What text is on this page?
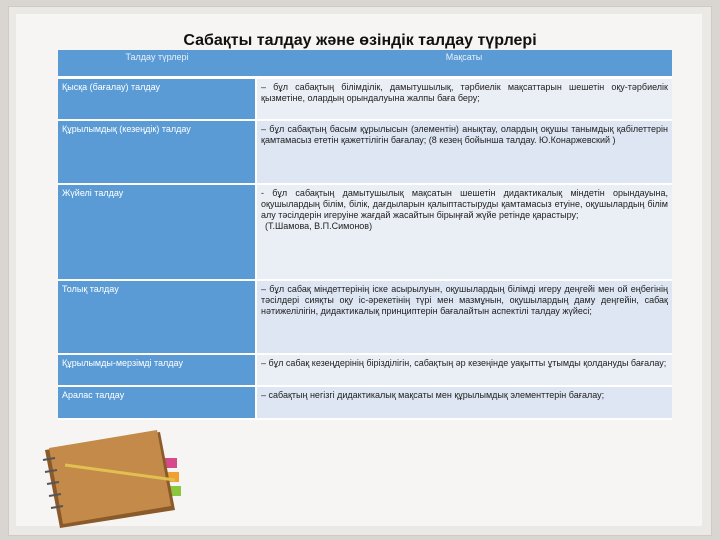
Талдау түрлері	Мақсаты
Қысқа (бағалау) талдау	– бұл сабақтың білімділік, дамытушылық, тәрбиелік мақсаттарын шешетін оқу-тәрбиелік қызметіне, олардың орындалуына жалпы баға беру;
Құрылымдық (кезеңдік) талдау	– бұл сабақтың басым құрылысын (элементін) анықтау, олардың оқушы танымдық қабілеттерін қамтамасыз ететін қажеттілігін бағалау; (8 кезең бойынша талдау. Ю.Конаржевский )
Жүйелі талдау	- бұл сабақтың дамытушылық мақсатын шешетін дидактикалық міндетін орындауына, оқушылардың білім, білік, дағдыларын қалыптастыруды қамтамасыз етуіне, оқушылардың білім алу тәсілдерін игеруіне жағдай жасайтын бірыңғай жүйе ретінде қарастыру;
(Т.Шамова, В.П.Симонов)

Толық талдау	– бұл сабақ міндеттерінің іске асырылуын, оқушылардың білімді игеру деңгейі мен ой еңбегінің тәсілдері сияқты оқу іс-әрекетінің түрі мен мазмұнын, оқушылардың даму деңгейін, сабақ нәтижелілігін, дидактикалық принциптерін бағалайтын аспектілі талдау жүйесі;
Құрылымды-мерзімді талдау	– бұл сабақ кезеңдерінің бірізділігін, сабақтың әр кезеңінде уақытты ұтымды қолдануды бағалау;
Аралас талдау	– сабақтың негізгі дидактикалық мақсаты мен құрылымдық элементтерін бағалау;
Сабақты талдау және өзіндік талдау түрлері
